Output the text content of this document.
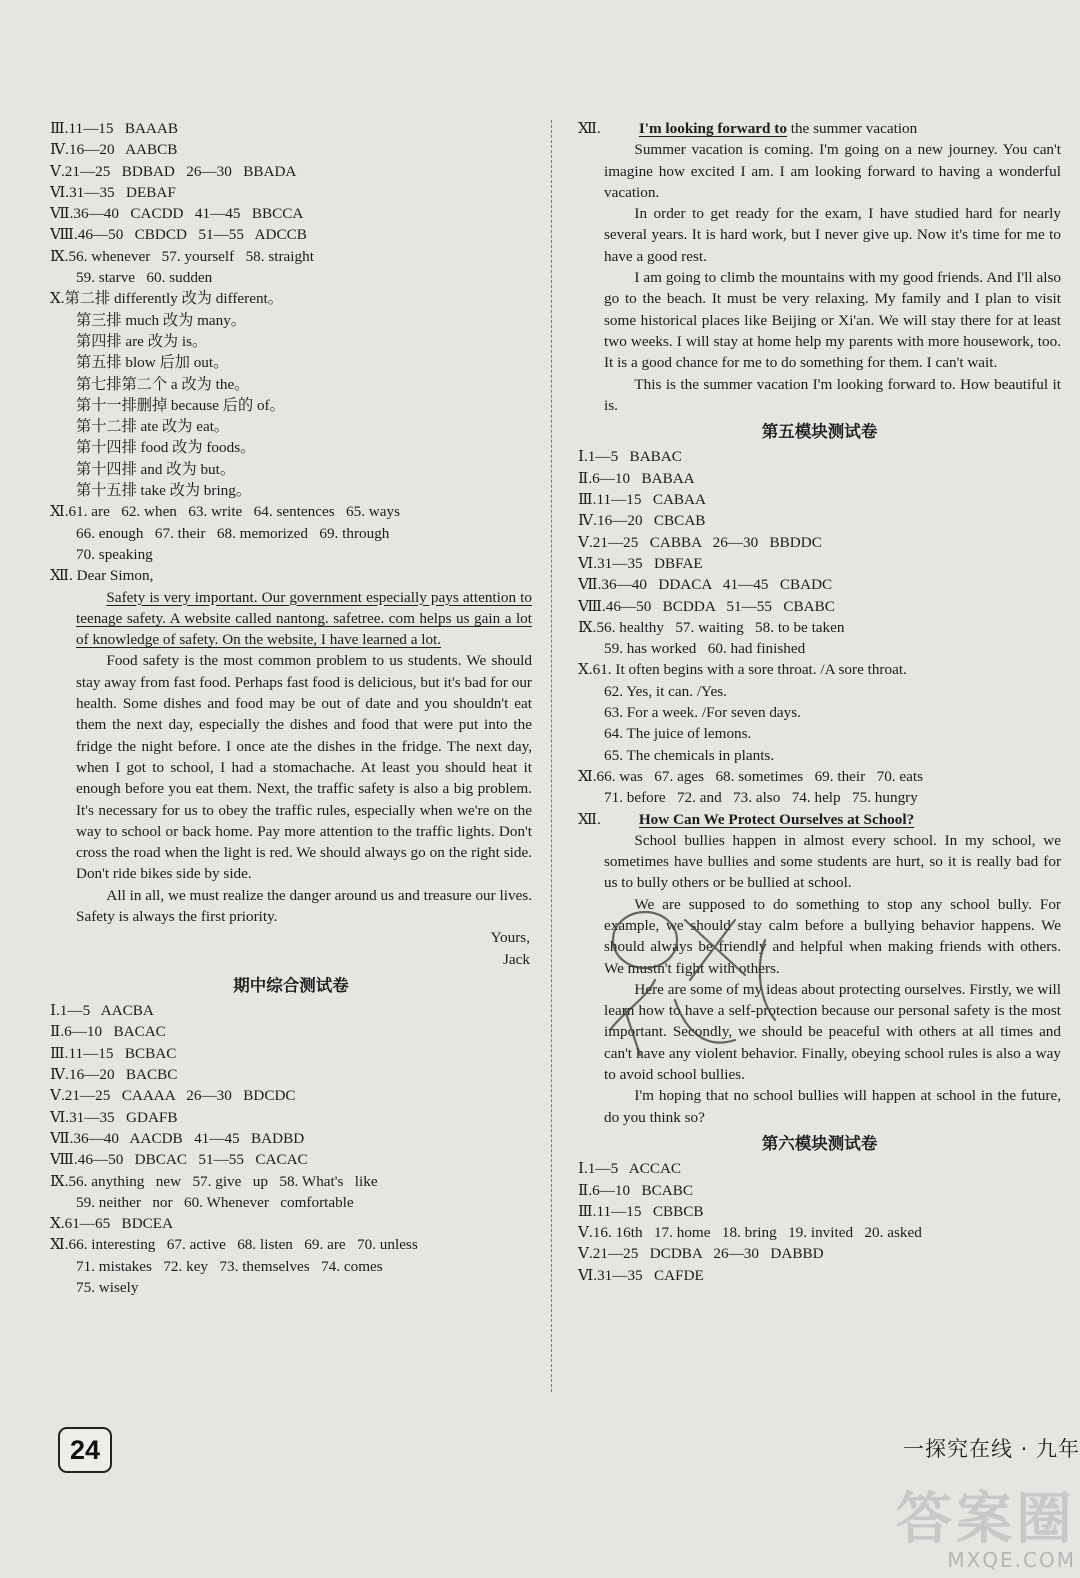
Ⅲ.11—15   BAAAB
Ⅳ.16—20   AABCB
Ⅴ.21—25   BDBAD   26—30   BBADA
Ⅵ.31—35   DEBAF
Ⅶ.36—40   CACDD   41—45   BBCCA
Ⅷ.46—50   CBDCD   51—55   ADCCB
Ⅸ.56. whenever   57. yourself   58. straight
59. starve   60. sudden
Ⅹ.第二排 differently 改为 different。
第三排 much 改为 many。
第四排 are 改为 is。
第五排 blow 后加 out。
第七排第二个 a 改为 the。
第十一排删掉 because 后的 of。
第十二排 ate 改为 eat。
第十四排 food 改为 foods。
第十四排 and 改为 but。
第十五排 take 改为 bring。
Ⅺ.61. are   62. when   63. write   64. sentences   65. ways
66. enough   67. their   68. memorized   69. through
70. speaking
Ⅻ. Dear Simon,
Safety is very important. Our government especially pays attention to teenage safety. A website called nantong. safetree. com helps us gain a lot of knowledge of safety. On the website, I have learned a lot.
Food safety is the most common problem to us students. We should stay away from fast food. Perhaps fast food is delicious, but it's bad for our health. Some dishes and food may be out of date and you shouldn't eat them the next day, especially the dishes and food that were put into the fridge the night before. I once ate the dishes in the fridge. The next day, when I got to school, I had a stomachache. At least you should heat it enough before you eat them. Next, the traffic safety is also a big problem. It's necessary for us to obey the traffic rules, especially when we're on the way to school or back home. Pay more attention to the traffic lights. Don't cross the road when the light is red. We should always go on the right side. Don't ride bikes side by side.
All in all, we must realize the danger around us and treasure our lives. Safety is always the first priority.
Yours,
Jack
期中综合测试卷
Ⅰ.1—5   AACBA
Ⅱ.6—10   BACAC
Ⅲ.11—15   BCBAC
Ⅳ.16—20   BACBC
Ⅴ.21—25   CAAAA   26—30   BDCDC
Ⅵ.31—35   GDAFB
Ⅶ.36—40   AACDB   41—45   BADBD
Ⅷ.46—50   DBCAC   51—55   CACAC
Ⅸ.56. anything   new   57. give   up   58. What's   like
59. neither   nor   60. Whenever   comfortable
Ⅹ.61—65   BDCEA
Ⅺ.66. interesting   67. active   68. listen   69. are   70. unless
71. mistakes   72. key   73. themselves   74. comes
75. wisely
Ⅻ.	I'm looking forward to the summer vacation
Summer vacation is coming. I'm going on a new journey. You can't imagine how excited I am. I am looking forward to having a wonderful vacation.
In order to get ready for the exam, I have studied hard for nearly several years. It is hard work, but I never give up. Now it's time for me to have a good rest.
I am going to climb the mountains with my good friends. And I'll also go to the beach. It must be very relaxing. My family and I plan to visit some historical places like Beijing or Xi'an. We will stay there for at least two weeks. I will stay at home help my parents with more housework, too. It is a good chance for me to do something for them. I can't wait.
This is the summer vacation I'm looking forward to. How beautiful it is.
第五模块测试卷
Ⅰ.1—5   BABAC
Ⅱ.6—10   BABAA
Ⅲ.11—15   CABAA
Ⅳ.16—20   CBCAB
Ⅴ.21—25   CABBA   26—30   BBDDC
Ⅵ.31—35   DBFAE
Ⅶ.36—40   DDACA   41—45   CBADC
Ⅷ.46—50   BCDDA   51—55   CBABC
Ⅸ.56. healthy   57. waiting   58. to be taken
59. has worked   60. had finished
Ⅹ.61. It often begins with a sore throat. /A sore throat.
62. Yes, it can. /Yes.
63. For a week. /For seven days.
64. The juice of lemons.
65. The chemicals in plants.
Ⅺ.66. was   67. ages   68. sometimes   69. their   70. eats
71. before   72. and   73. also   74. help   75. hungry
Ⅻ.	How Can We Protect Ourselves at School?
School bullies happen in almost every school. In my school, we sometimes have bullies and some students are hurt, so it is really bad for us to bully others or be bullied at school.
We are supposed to do something to stop any school bully. For example, we should stay calm before a bullying behavior happens. We should always be friendly and helpful when making friends with others. We mustn't fight with others.
Here are some of my ideas about protecting ourselves. Firstly, we will learn how to have a self-protection because our personal safety is the most important. Secondly, we should be peaceful with others at all times and can't have any violent behavior. Finally, obeying school rules is also a way to avoid school bullies.
I'm hoping that no school bullies will happen at school in the future, do you think so?
第六模块测试卷
Ⅰ.1—5   ACCAC
Ⅱ.6—10   BCABC
Ⅲ.11—15   CBBCB
Ⅴ.16. 16th   17. home   18. bring   19. invited   20. asked
Ⅴ.21—25   DCDBA   26—30   DABBD
Ⅵ.31—35   CAFDE
24	一探究在线 · 九年
答案圈
MXQE.COM
